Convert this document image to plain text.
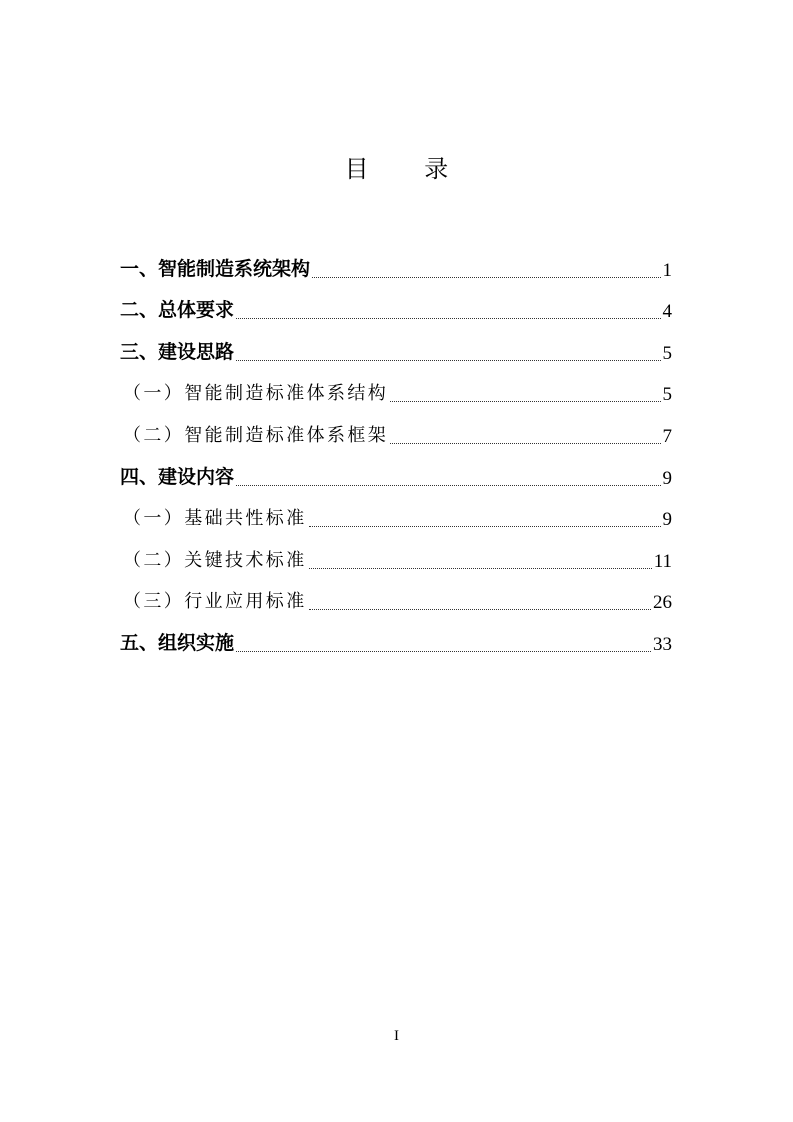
目 录
一、智能制造系统架构	1
二、总体要求	4
三、建设思路	5
（一）智能制造标准体系结构	5
（二）智能制造标准体系框架	7
四、建设内容	9
（一）基础共性标准	9
（二）关键技术标准	11
（三）行业应用标准	26
五、组织实施	33
I
